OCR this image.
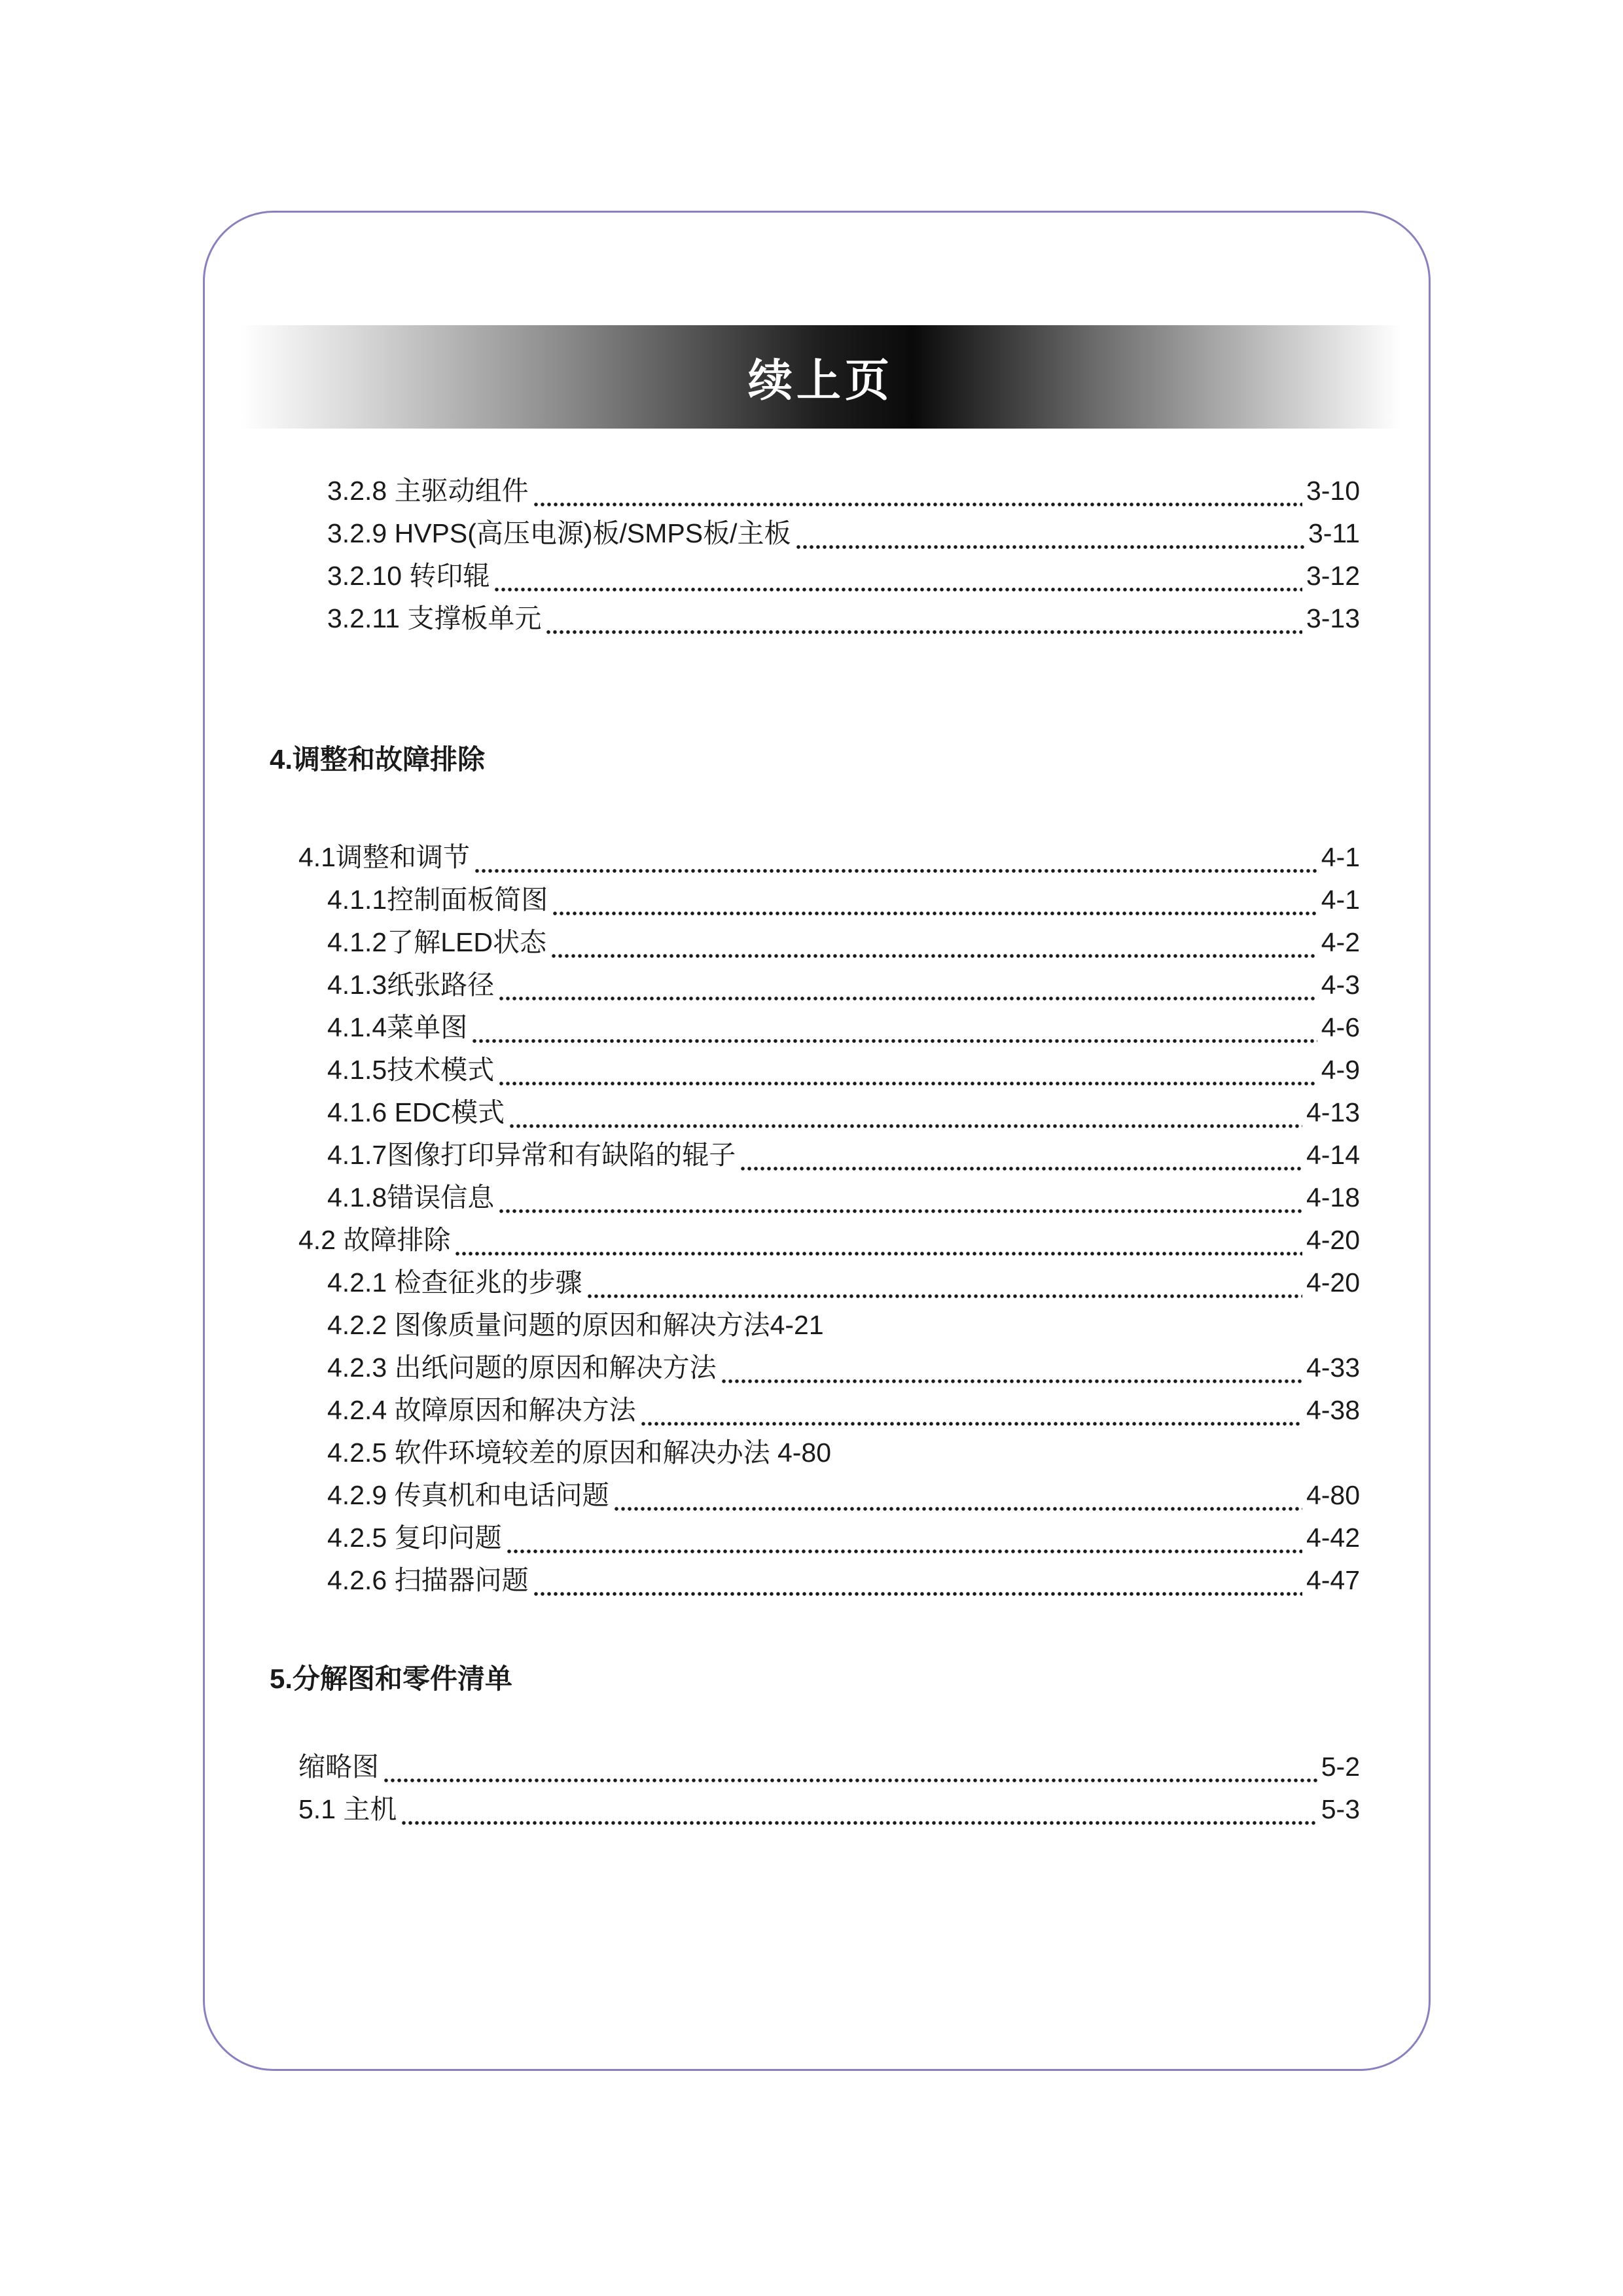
续上页
3.2.8 主驱动组件	3-10
3.2.9 HVPS(高压电源)板/SMPS板/主板	3-11
3.2.10 转印辊	3-12
3.2.11 支撑板单元	3-13
4.调整和故障排除
4.1调整和调节	4-1
4.1.1控制面板简图	4-1
4.1.2了解LED状态	4-2
4.1.3纸张路径	4-3
4.1.4菜单图	4-6
4.1.5技术模式	4-9
4.1.6 EDC模式	4-13
4.1.7图像打印异常和有缺陷的辊子	4-14
4.1.8错误信息	4-18
4.2 故障排除	4-20
4.2.1 检查征兆的步骤	4-20
4.2.2 图像质量问题的原因和解决方法4-21
4.2.3 出纸问题的原因和解决方法	4-33
4.2.4 故障原因和解决方法	4-38
4.2.5 软件环境较差的原因和解决办法 4-80
4.2.9 传真机和电话问题	4-80
4.2.5 复印问题	4-42
4.2.6 扫描器问题	4-47
5.分解图和零件清单
缩略图	5-2
5.1 主机	5-3
